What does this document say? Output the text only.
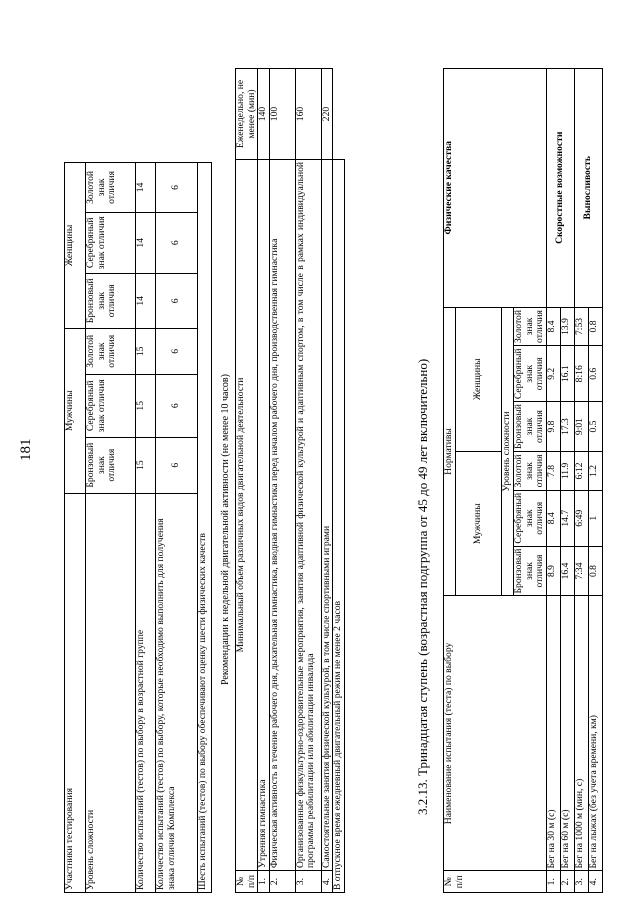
181
Участники тестирования	Мужчины			Женщины			
Уровень сложности	Бронзовый знак отличия	Серебряный знак отличия	Золотой знак отличия	Бронзовый знак отличия	Серебряный знак отличия	Золотой знак отличия	
Количество испытаний (тестов) по выбору в возрастной группе	15	15	15	14	14	14	
Количество испытаний (тестов) по выбору, которые необходимо выполнить для получения знака отличия Комплекса	6	6	6	6	6	6	
Шесть испытаний (тестов) по выбору обеспечивают оценку шести физических качеств							
Рекомендации к недельной двигательной активности (не менее 10 часов)
№ п/п	Минимальный объем различных видов двигательной деятельности	Еженедельно, не менее (мин)
1.	Утренняя гимнастика	140
2.	Физическая активность в течение рабочего дня, дыхательная гимнастика, вводная гимнастика перед началом рабочего дня, производственная гимнастика	100
3.	Организованные физкультурно-оздоровительные мероприятия, занятия адаптивной физической культурой и адаптивным спортом, в том числе в рамках индивидуальной программы реабилитации или абилитации инвалида	160
4.	Самостоятельные занятия физической культурой, в том числе спортивными играми	220
В отпускное время ежедневный двигательный режим не менее 2 часов			3.2.13. Тринадцатая ступень (возрастная подгруппа от 45 до 49 лет включительно)
№ п/п	Наименование испытания (теста) по выбору	Нормативы						Физические качества
		Мужчины			Женщины			
		Уровень сложности						
		Бронзовый знак отличия	Серебряный знак отличия	Золотой знак отличия	Бронзовый знак отличия	Серебряный знак отличия	Золотой знак отличия	
1.	Бег на 30 м (с)	8.9	8.4	7.8	9.8	9.2	8.4	Скоростные возможности
2.	Бег на 60 м (с)	16.4	14.7	11.9	17.3	16.1	13.9	
3.	Бег на 1000 м (мин, с)	7:34	6:49	6:12	9:01	8:16	7:53	Выносливость
4.	Бег на лыжах (без учета времени, км)	0.8	1	1.2	0.5	0.6	0.8	
